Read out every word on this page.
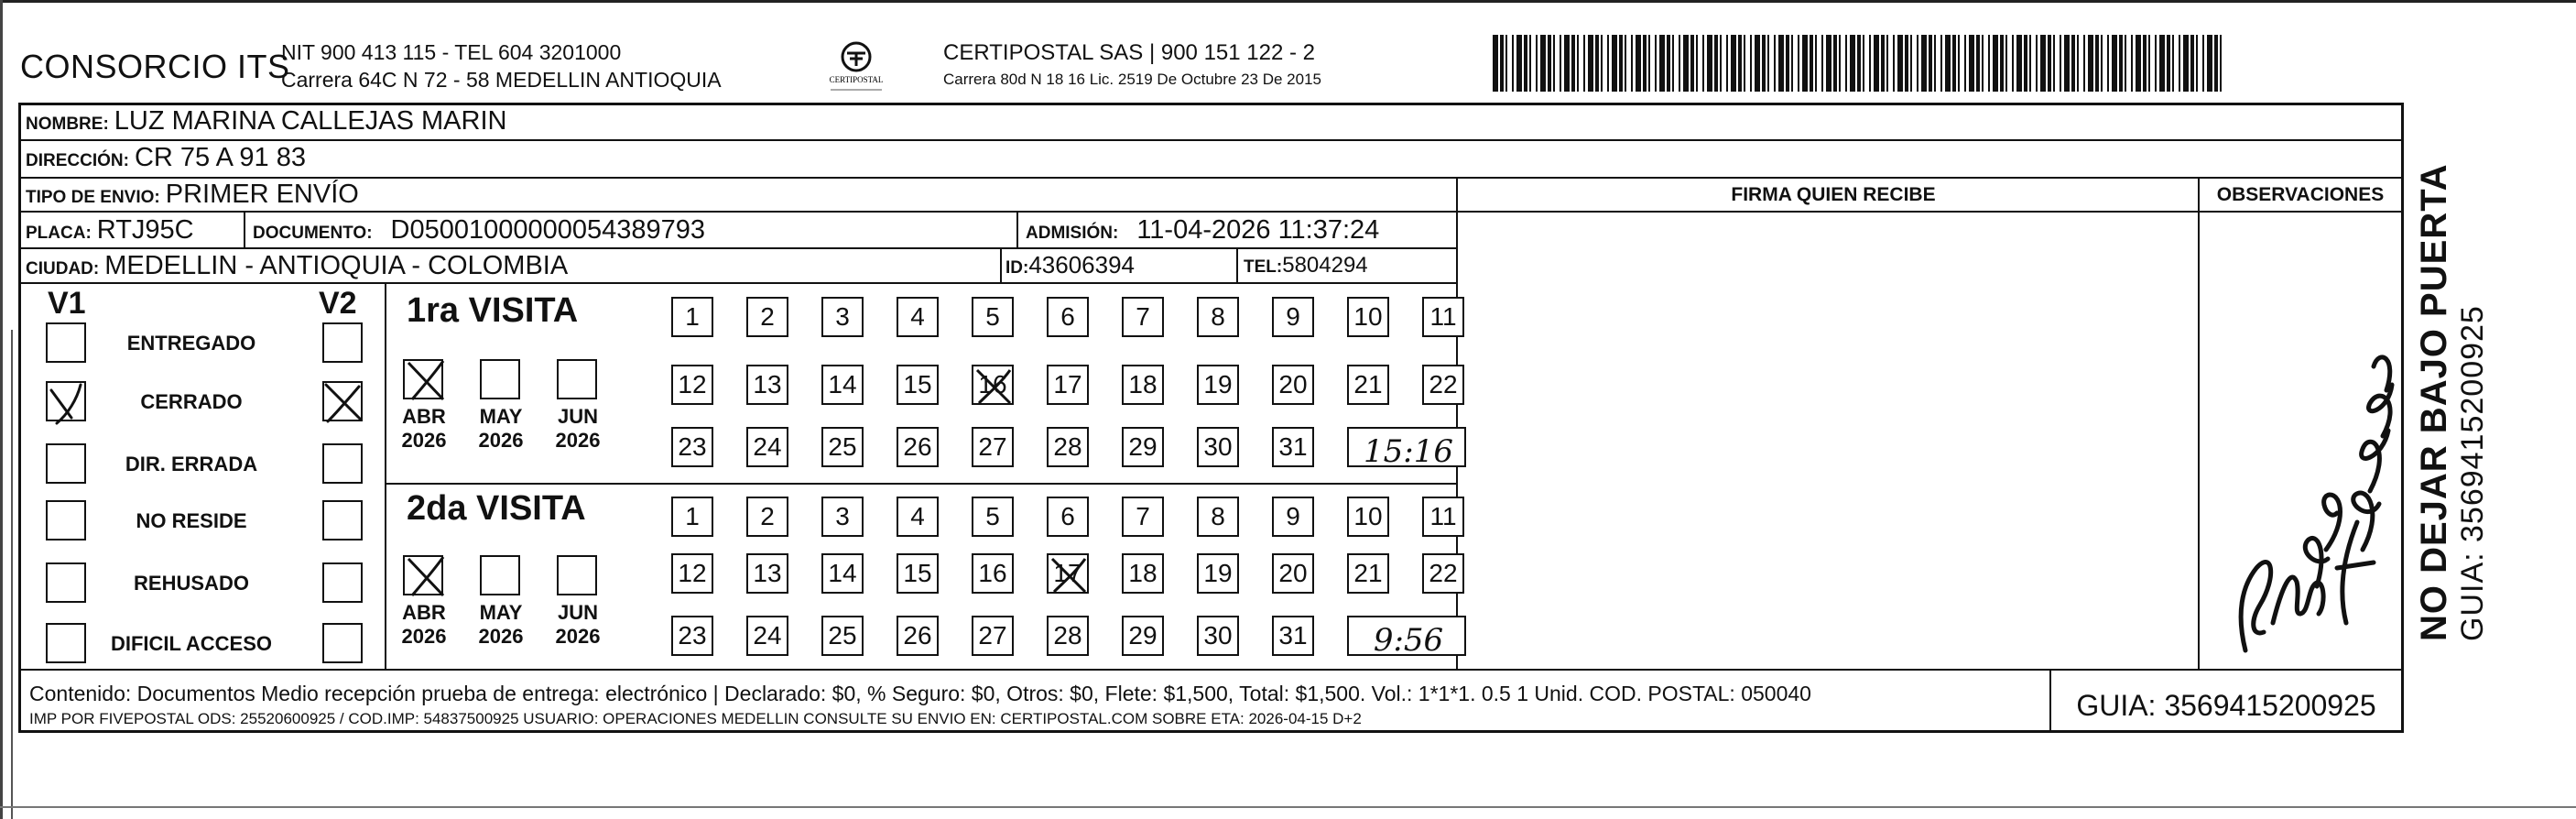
CONSORCIO ITS
NIT 900 413 115 - TEL 604 3201000
Carrera 64C N 72 - 58 MEDELLIN ANTIOQUIA	CERTIPOSTAL
CERTIPOSTAL SAS | 900 151 122 - 2
Carrera 80d N 18 16 Lic. 2519 De Octubre 23 De 2015
NOMBRE: LUZ MARINA CALLEJAS MARIN
DIRECCIÓN: CR 75 A 91 83
TIPO DE ENVIO: PRIMER ENVÍO
PLACA: RTJ95C	DOCUMENTO: D05001000000054389793	ADMISIÓN: 11-04-2026 11:37:24
CIUDAD: MEDELLIN - ANTIOQUIA - COLOMBIA	ID: 43606394	TEL: 5804294
FIRMA QUIEN RECIBE	OBSERVACIONES
V1	V2
ENTREGADO
CERRADO
DIR. ERRADA
NO RESIDE
REHUSADO
DIFICIL ACCESO
1ra VISITA
ABR
2026
MAY
2026
JUN
2026
1	2	3	4	5	6	7	8	9	10	11
12 13 14 15 16 17 18 19 20 21 22
23 24 25 26 27 28 29 30 31 15:16
2da VISITA
ABR
2026
MAY
2026
JUN
2026
1	2	3	4	5	6	7	8	9	10	11
12 13 14 15 16 17 18 19 20 21 22
23 24 25 26 27 28 29 30 31 9:56
Contenido: Documentos Medio recepción prueba de entrega: electrónico | Declarado: $0, % Seguro: $0, Otros: $0, Flete: $1,500, Total: $1,500. Vol.: 1*1*1. 0.5 1 Unid. COD. POSTAL: 050040
IMP POR FIVEPOSTAL ODS: 25520600925 / COD.IMP: 54837500925 USUARIO: OPERACIONES MEDELLIN CONSULTE SU ENVIO EN: CERTIPOSTAL.COM SOBRE ETA: 2026-04-15 D+2	GUIA: 3569415200925
NO DEJAR BAJO PUERTA GUIA: 3569415200925
